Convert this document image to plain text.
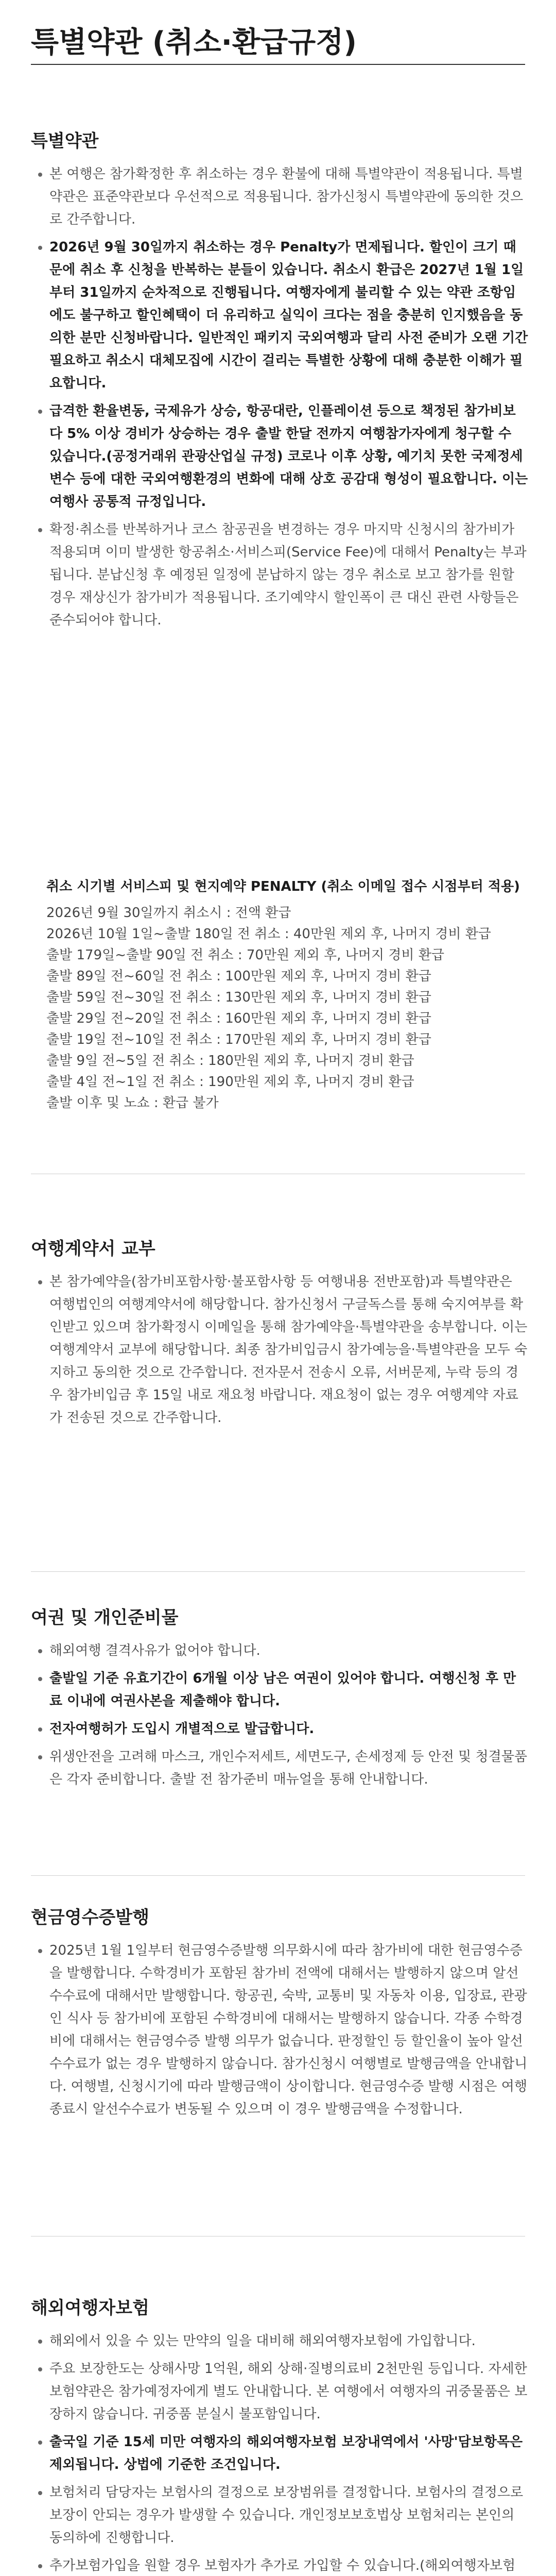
특별약관 (취소·환급규정)
특별약관
• 본 여행은 참가확정한 후 취소하는 경우 환불에 대해 특별약관이 적용됩니다. 특별약관은 표준약관보다 우선적으로 적용됩니다. 참가신청시 특별약관에 동의한 것으로 간주합니다.
• 2026년 9월 30일까지 취소하는 경우 Penalty가 면제됩니다. 할인이 크기 때문에 취소 후 신청을 반복하는 분들이 있습니다. 취소시 환급은 2027년 1월 1일부터 31일까지 순차적으로 진행됩니다. 여행자에게 불리할 수 있는 약관 조항임에도 불구하고 할인혜택이 더 유리하고 실익이 크다는 점을 충분히 인지했음을 동의한 분만 신청바랍니다. 일반적인 패키지 국외여행과 달리 사전 준비가 오랜 기간 필요하고 취소시 대체모집에 시간이 걸리는 특별한 상황에 대해 충분한 이해가 필요합니다.
• 급격한 환율변동, 국제유가 상승, 항공대란, 인플레이션 등으로 책정된 참가비보다 5% 이상 경비가 상승하는 경우 출발 한달 전까지 여행참가자에게 청구할 수 있습니다.(공정거래위 관광산업실 규정) 코로나 이후 상황, 예기치 못한 국제정세 변수 등에 대한 국외여행환경의 변화에 대해 상호 공감대 형성이 필요합니다. 이는 여행사 공통적 규정입니다.
• 확정·취소를 반복하거나 코스 참공권을 변경하는 경우 마지막 신청시의 참가비가 적용되며 이미 발생한 항공취소·서비스피(Service Fee)에 대해서 Penalty는 부과됩니다. 분납신청 후 예정된 일정에 분납하지 않는 경우 취소로 보고 참가를 원할 경우 재상신가 참가비가 적용됩니다. 조기예약시 할인폭이 큰 대신 관련 사항들은 준수되어야 합니다.
취소 시기별 서비스피 및 현지예약 PENALTY (취소 이메일 접수 시점부터 적용)
2026년 9월 30일까지 취소시 : 전액 환급
2026년 10월 1일~출발 180일 전 취소 : 40만원 제외 후, 나머지 경비 환급
출발 179일~출발 90일 전 취소 : 70만원 제외 후, 나머지 경비 환급
출발 89일 전~60일 전 취소 : 100만원 제외 후, 나머지 경비 환급
출발 59일 전~30일 전 취소 : 130만원 제외 후, 나머지 경비 환급
출발 29일 전~20일 전 취소 : 160만원 제외 후, 나머지 경비 환급
출발 19일 전~10일 전 취소 : 170만원 제외 후, 나머지 경비 환급
출발 9일 전~5일 전 취소 : 180만원 제외 후, 나머지 경비 환급
출발 4일 전~1일 전 취소 : 190만원 제외 후, 나머지 경비 환급
출발 이후 및 노쇼 : 환급 불가
여행계약서 교부
• 본 참가예약을(참가비포함사항·불포함사항 등 여행내용 전반포함)과 특별약관은 여행법인의 여행계약서에 해당합니다. 참가신청서 구글독스를 통해 숙지여부를 확인받고 있으며 참가확정시 이메일을 통해 참가예약을·특별약관을 송부합니다. 이는 여행계약서 교부에 해당합니다. 최종 참가비입금시 참가예능을·특별약관을 모두 숙지하고 동의한 것으로 간주합니다. 전자문서 전송시 오류, 서버문제, 누락 등의 경우 참가비입금 후 15일 내로 재요청 바랍니다. 재요청이 없는 경우 여행계약 자료가 전송된 것으로 간주합니다.
여권 및 개인준비물
• 해외여행 결격사유가 없어야 합니다.
• 출발일 기준 유효기간이 6개월 이상 남은 여권이 있어야 합니다. 여행신청 후 만료 이내에 여권사본을 제출해야 합니다.
• 전자여행허가 도입시 개별적으로 발급합니다.
• 위생안전을 고려해 마스크, 개인수저세트, 세면도구, 손세정제 등 안전 및 청결물품은 각자 준비합니다. 출발 전 참가준비 매뉴얼을 통해 안내합니다.
현금영수증발행
• 2025년 1월 1일부터 현금영수증발행 의무화시에 따라 참가비에 대한 현금영수증을 발행합니다. 수학경비가 포함된 참가비 전액에 대해서는 발행하지 않으며 알선수수료에 대해서만 발행합니다. 항공권, 숙박, 교통비 및 자동차 이용, 입장료, 관광인 식사 등 참가비에 포함된 수학경비에 대해서는 발행하지 않습니다. 각종 수학경비에 대해서는 현금영수증 발행 의무가 없습니다. 판정할인 등 할인율이 높아 알선수수료가 없는 경우 발행하지 않습니다. 참가신청시 여행별로 발행금액을 안내합니다. 여행별, 신청시기에 따라 발행금액이 상이합니다. 현금영수증 발행 시점은 여행 종료시 알선수수료가 변동될 수 있으며 이 경우 발행금액을 수정합니다.
해외여행자보험
• 해외에서 있을 수 있는 만약의 일을 대비해 해외여행자보험에 가입합니다.
• 주요 보장한도는 상해사망 1억원, 해외 상해·질병의료비 2천만원 등입니다. 자세한 보험약관은 참가예정자에게 별도 안내합니다. 본 여행에서 여행자의 귀중물품은 보장하지 않습니다. 귀중품 분실시 불포함입니다.
• 출국일 기준 15세 미만 여행자의 해외여행자보험 보장내역에서 '사망'담보항목은 제외됩니다. 상법에 기준한 조건입니다.
• 보험처리 담당자는 보험사의 결정으로 보장범위를 결정합니다. 보험사의 결정으로 보장이 안되는 경우가 발생할 수 있습니다. 개인정보보호법상 보험처리는 본인의 동의하에 진행합니다.
• 추가보험가입을 원할 경우 보험자가 추가로 가입할 수 있습니다.(해외여행자보험
